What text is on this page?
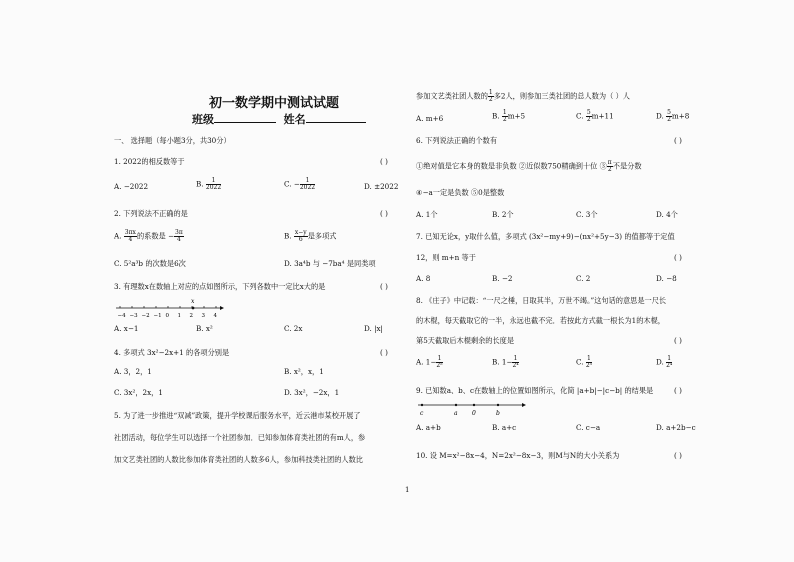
初一数学期中测试试题
班级	姓名
一、 选择题（每小题3分，共30分）
1. 2022的相反数等于	( )
A. −2022	B. $\frac{1}{2022}$	C. − $\frac{1}{2022}$	D. ±2022
2. 下列说法不正确的是	( )
A. $\frac{3\pi x}{4}$ 的系数是 − $\frac{3\pi}{4}$	B. $\frac{x-y}{6}$ 是多项式
C. 5²a³b 的次数是6次	D. 3a⁴b 与 −7ba⁴ 是同类项
3. 有理数x在数轴上对应的点如图所示，下列各数中一定比x大的是	( )
−4 −3 −2 −1 0 1 2 3 4
x
A. x−1	B. x²	C. 2x	D. |x|
4. 多项式 3x²−2x+1 的各项分别是	( )
A. 3，2，1	B. x²，x，1
C. 3x²，2x，1	D. 3x²，−2x，1
5. 为了进一步推进“双减”政策，提升学校课后服务水平，近云港市某校开展了
社团活动，每位学生可以选择一个社团参加．已知参加体育类社团的有m人，参
加文艺类社团的人数比参加体育类社团的人数多6人，参加科技类社团的人数比
参加文艺类社团人数的 $\frac{1}{2}$ 多2人，则参加三类社团的总人数为（ ）人
A. m+6	B. $\frac{1}{2} m+5$	C. $\frac{5}{2} m+11$	D. $\frac{5}{2} m+8$
6. 下列说法正确的个数有	( )
①绝对值是它本身的数是非负数 ②近似数750精确到十位 ③ $\frac{\pi}{2}$ 不是分数
④−a一定是负数 ⑤0是整数
A. 1个	B. 2个	C. 3个	D. 4个
7. 已知无论x，y取什么值，多项式 (3x²−my+9)−(nx²+5y−3) 的值都等于定值
12，则 m+n 等于	( )
A. 8	B. −2	C. 2	D. −8
8. 《庄子》中记载：“一尺之棰，日取其半，万世不竭。”这句话的意思是一尺长
的木棍，每天截取它的一半，永远也截不完．若按此方式截一根长为1的木棍，
第5天截取后木棍剩余的长度是	( )
A. $1- \frac{1}{\text{2⁵}}$	B. $1- \frac{1}{\text{2⁴}}$	C. $\frac{1}{\text{2⁵}}$	D. $\frac{1}{\text{2⁴}}$
9. 已知数a、b、c在数轴上的位置如图所示，化简 |a+b|−|c−b| 的结果是	( )
c	a 0	b
A. a+b	B. a+c	C. c−a	D. a+2b−c
10. 设 M=x²−8x−4，N=2x²−8x−3，则M与N的大小关系为	( )
1
